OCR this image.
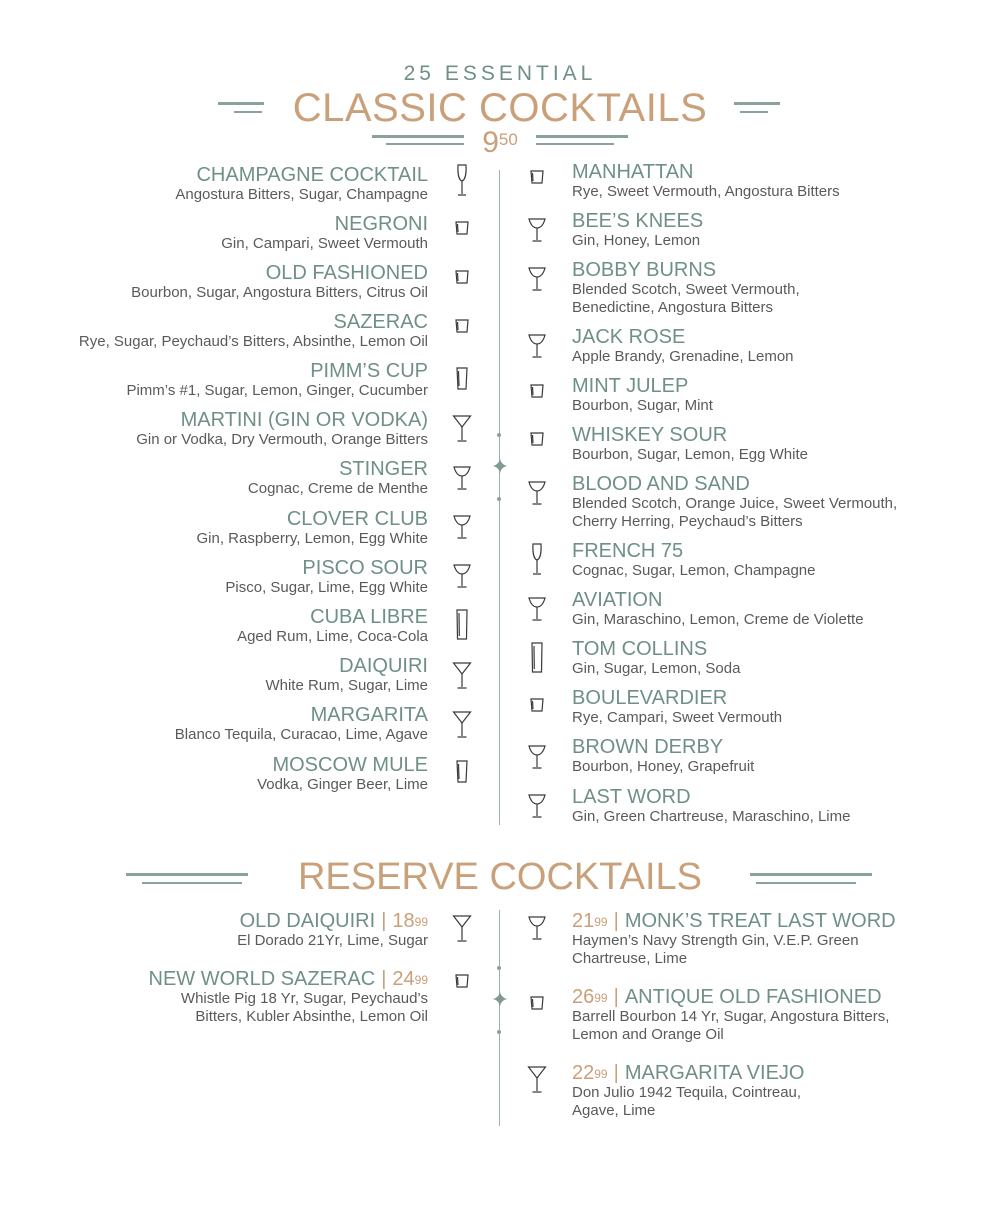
25 ESSENTIAL
CLASSIC COCKTAILS
$9^{50}$
✦
CHAMPAGNE COCKTAIL
Angostura Bitters, Sugar, Champagne
NEGRONI
Gin, Campari, Sweet Vermouth
OLD FASHIONED
Bourbon, Sugar, Angostura Bitters, Citrus Oil
SAZERAC
Rye, Sugar, Peychaud’s Bitters, Absinthe, Lemon Oil
PIMM’S CUP
Pimm’s #1, Sugar, Lemon, Ginger, Cucumber
MARTINI (GIN OR VODKA)
Gin or Vodka, Dry Vermouth, Orange Bitters
STINGER
Cognac, Creme de Menthe
CLOVER CLUB
Gin, Raspberry, Lemon, Egg White
PISCO SOUR
Pisco, Sugar, Lime, Egg White
CUBA LIBRE
Aged Rum, Lime, Coca-Cola
DAIQUIRI
White Rum, Sugar, Lime
MARGARITA
Blanco Tequila, Curacao, Lime, Agave
MOSCOW MULE
Vodka, Ginger Beer, Lime
MANHATTAN
Rye, Sweet Vermouth, Angostura Bitters
BEE’S KNEES
Gin, Honey, Lemon
BOBBY BURNS
Blended Scotch, Sweet Vermouth, Benedictine, Angostura Bitters
JACK ROSE
Apple Brandy, Grenadine, Lemon
MINT JULEP
Bourbon, Sugar, Mint
WHISKEY SOUR
Bourbon, Sugar, Lemon, Egg White
BLOOD AND SAND
Blended Scotch, Orange Juice, Sweet Vermouth, Cherry Herring, Peychaud’s Bitters
FRENCH 75
Cognac, Sugar, Lemon, Champagne
AVIATION
Gin, Maraschino, Lemon, Creme de Violette
TOM COLLINS
Gin, Sugar, Lemon, Soda
BOULEVARDIER
Rye, Campari, Sweet Vermouth
BROWN DERBY
Bourbon, Honey, Grapefruit
LAST WORD
Gin, Green Chartreuse, Maraschino, Lime
RESERVE COCKTAILS
✦
OLD DAIQUIRI | $18^{99}$
El Dorado 21Yr, Lime, Sugar
NEW WORLD SAZERAC | $24^{99}$
Whistle Pig 18 Yr, Sugar, Peychaud’s Bitters, Kubler Absinthe, Lemon Oil
$21^{99}$ | MONK’S TREAT LAST WORD
Haymen’s Navy Strength Gin, V.E.P. Green Chartreuse, Lime
$26^{99}$ | ANTIQUE OLD FASHIONED
Barrell Bourbon 14 Yr, Sugar, Angostura Bitters, Lemon and Orange Oil
$22^{99}$ | MARGARITA VIEJO
Don Julio 1942 Tequila, Cointreau, Agave, Lime
